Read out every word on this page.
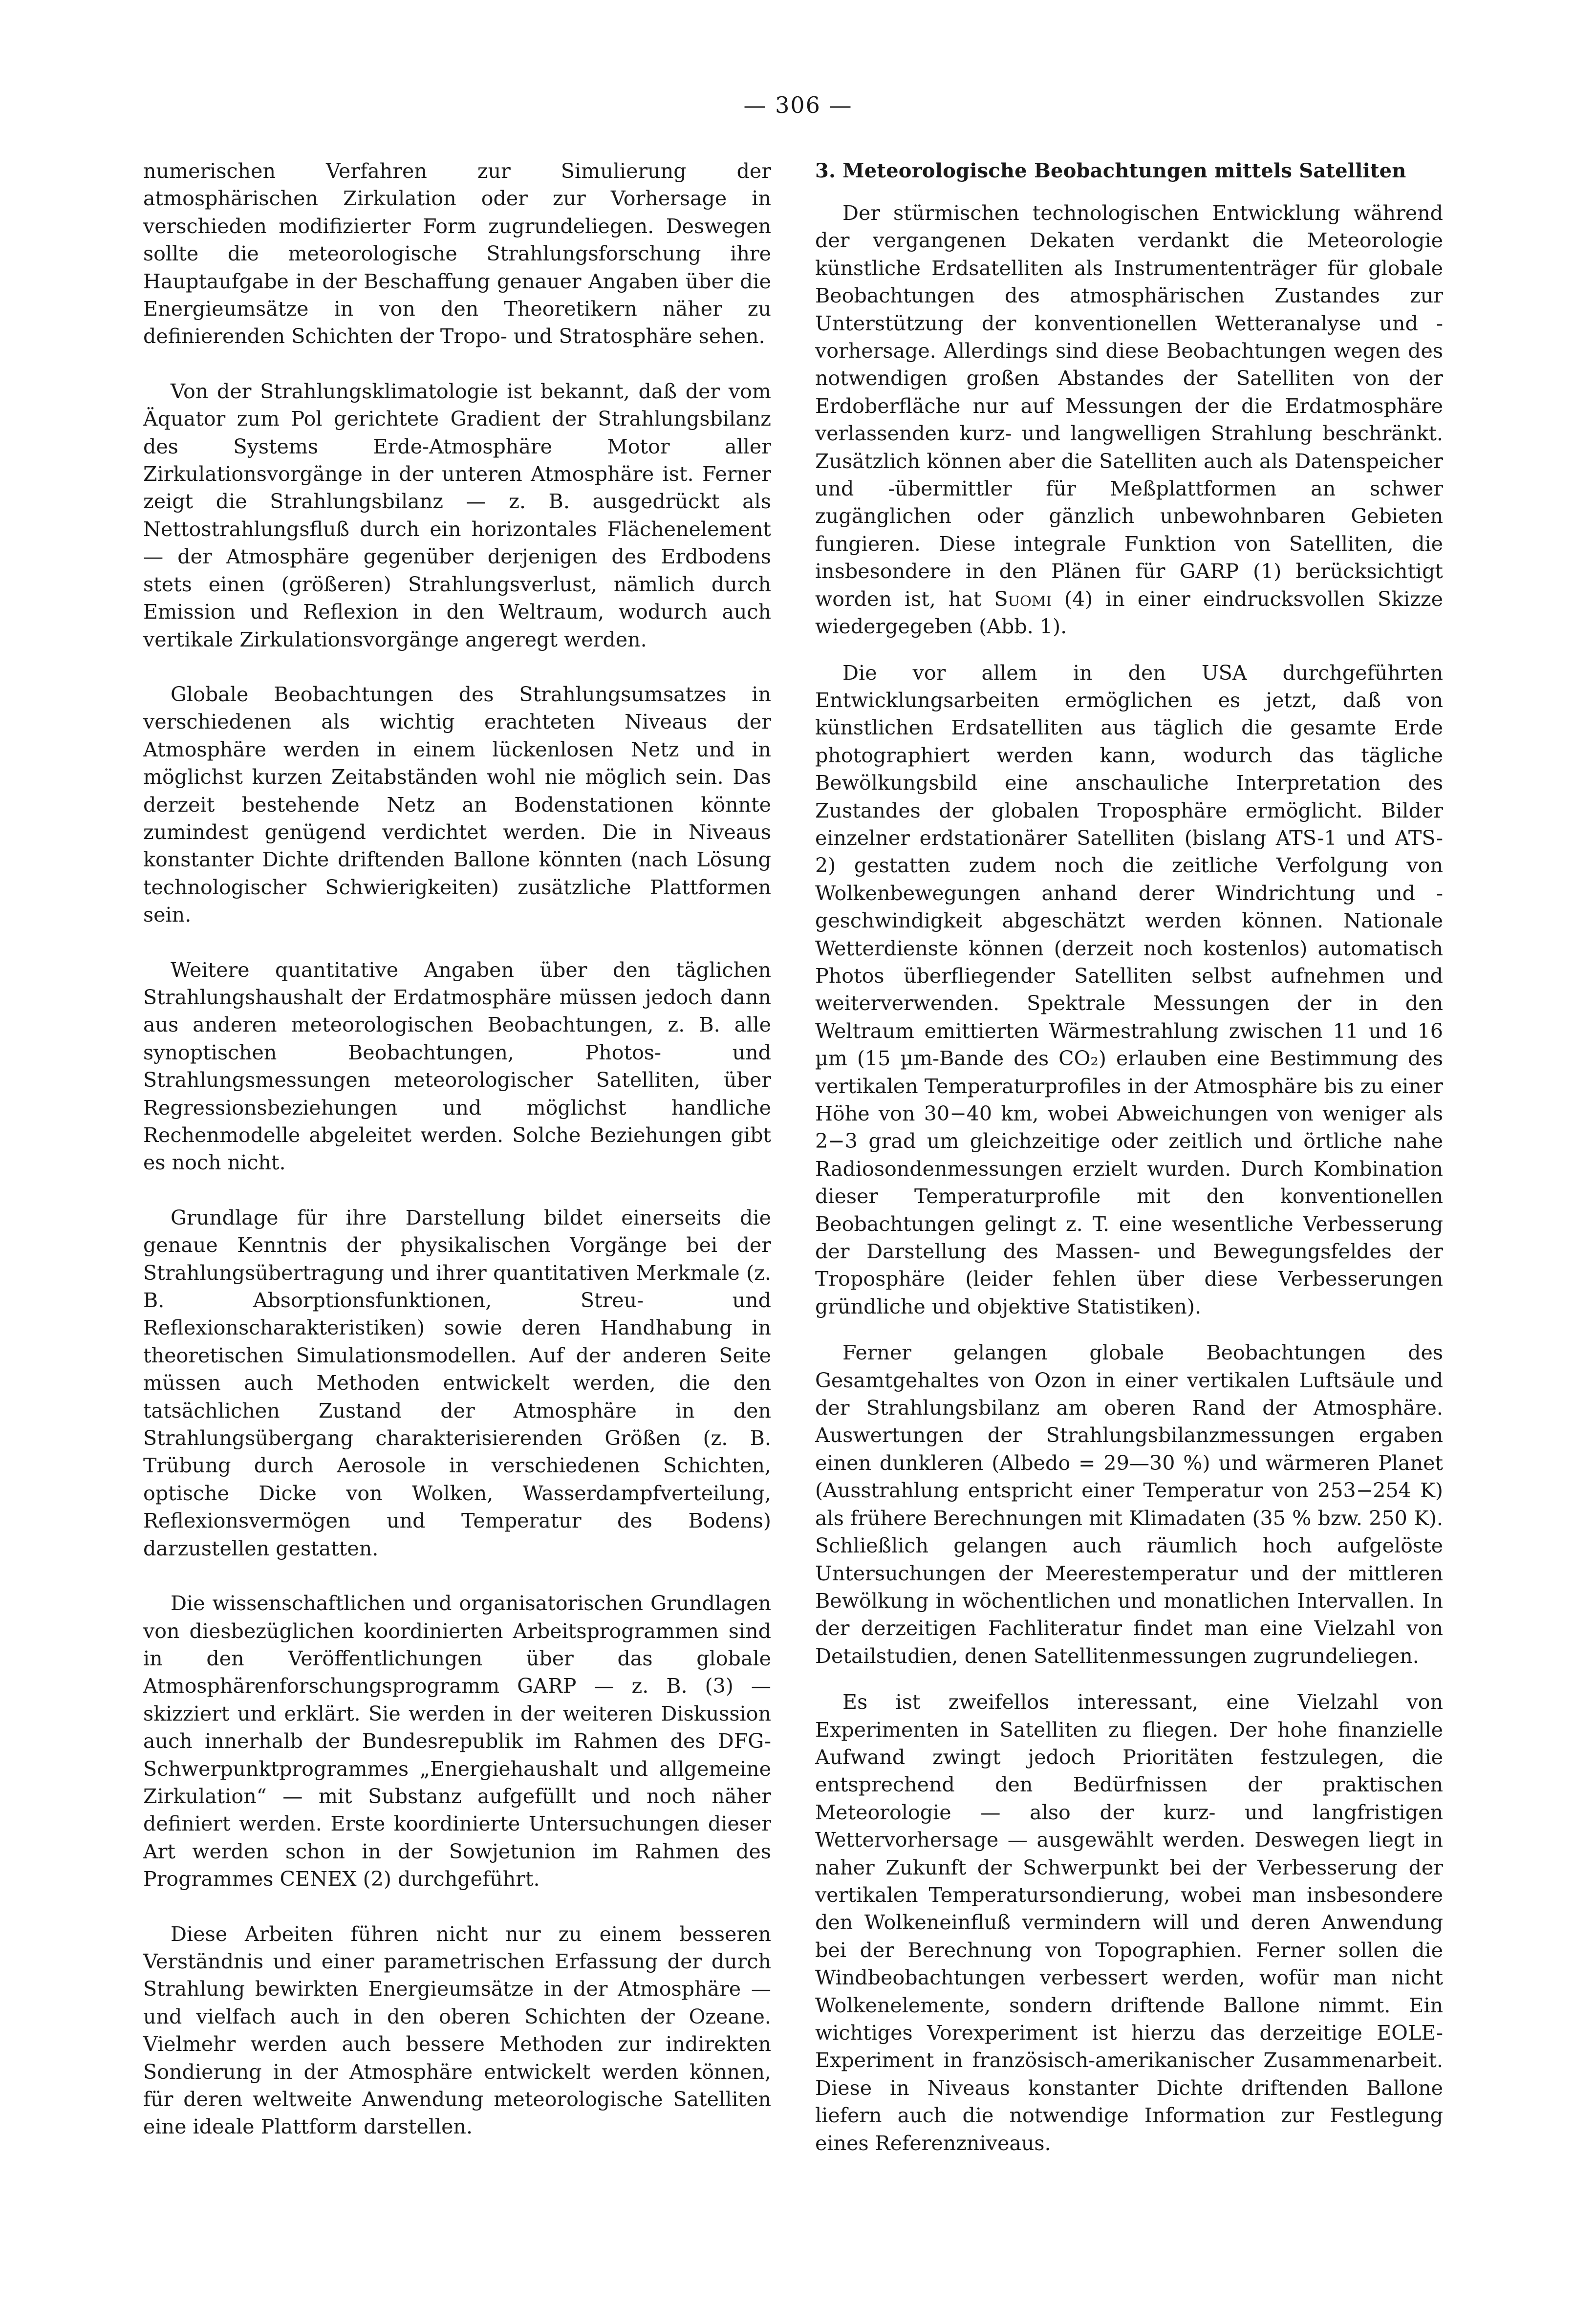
— 306 —

numerischen Verfahren zur Simulierung der atmosphärischen Zirkulation oder zur Vorhersage in verschieden modifizierter Form zugrundeliegen. Deswegen sollte die meteorologische Strahlungsforschung ihre Hauptaufgabe in der Beschaffung genauer Angaben über die Energieumsätze in von den Theoretikern näher zu definierenden Schichten der Tropo- und Stratosphäre sehen.

Von der Strahlungsklimatologie ist bekannt, daß der vom Äquator zum Pol gerichtete Gradient der Strahlungsbilanz des Systems Erde-Atmosphäre Motor aller Zirkulationsvorgänge in der unteren Atmosphäre ist. Ferner zeigt die Strahlungsbilanz — z. B. ausgedrückt als Nettostrahlungsfluß durch ein horizontales Flächenelement — der Atmosphäre gegenüber derjenigen des Erdbodens stets einen (größeren) Strahlungsverlust, nämlich durch Emission und Reflexion in den Weltraum, wodurch auch vertikale Zirkulationsvorgänge angeregt werden.

Globale Beobachtungen des Strahlungsumsatzes in verschiedenen als wichtig erachteten Niveaus der Atmosphäre werden in einem lückenlosen Netz und in möglichst kurzen Zeitabständen wohl nie möglich sein. Das derzeit bestehende Netz an Bodenstationen könnte zumindest genügend verdichtet werden. Die in Niveaus konstanter Dichte driftenden Ballone könnten (nach Lösung technologischer Schwierigkeiten) zusätzliche Plattformen sein.

Weitere quantitative Angaben über den täglichen Strahlungshaushalt der Erdatmosphäre müssen jedoch dann aus anderen meteorologischen Beobachtungen, z. B. alle synoptischen Beobachtungen, Photos- und Strahlungsmessungen meteorologischer Satelliten, über Regressionsbeziehungen und möglichst handliche Rechenmodelle abgeleitet werden. Solche Beziehungen gibt es noch nicht.

Grundlage für ihre Darstellung bildet einerseits die genaue Kenntnis der physikalischen Vorgänge bei der Strahlungsübertragung und ihrer quantitativen Merkmale (z. B. Absorptionsfunktionen, Streu- und Reflexionscharakteristiken) sowie deren Handhabung in theoretischen Simulationsmodellen. Auf der anderen Seite müssen auch Methoden entwickelt werden, die den tatsächlichen Zustand der Atmosphäre in den Strahlungsübergang charakterisierenden Größen (z. B. Trübung durch Aerosole in verschiedenen Schichten, optische Dicke von Wolken, Wasserdampfverteilung, Reflexionsvermögen und Temperatur des Bodens) darzustellen gestatten.

Die wissenschaftlichen und organisatorischen Grundlagen von diesbezüglichen koordinierten Arbeitsprogrammen sind in den Veröffentlichungen über das globale Atmosphärenforschungsprogramm GARP — z. B. (3) — skizziert und erklärt. Sie werden in der weiteren Diskussion auch innerhalb der Bundesrepublik im Rahmen des DFG-Schwerpunktprogrammes „Energiehaushalt und allgemeine Zirkulation“ — mit Substanz aufgefüllt und noch näher definiert werden. Erste koordinierte Untersuchungen dieser Art werden schon in der Sowjetunion im Rahmen des Programmes CENEX (2) durchgeführt.

Diese Arbeiten führen nicht nur zu einem besseren Verständnis und einer parametrischen Erfassung der durch Strahlung bewirkten Energieumsätze in der Atmosphäre — und vielfach auch in den oberen Schichten der Ozeane. Vielmehr werden auch bessere Methoden zur indirekten Sondierung in der Atmosphäre entwickelt werden können, für deren weltweite Anwendung meteorologische Satelliten eine ideale Plattform darstellen.

3. Meteorologische Beobachtungen mittels Satelliten

Der stürmischen technologischen Entwicklung während der vergangenen Dekaten verdankt die Meteorologie künstliche Erdsatelliten als Instrumententräger für globale Beobachtungen des atmosphärischen Zustandes zur Unterstützung der konventionellen Wetteranalyse und -vorhersage. Allerdings sind diese Beobachtungen wegen des notwendigen großen Abstandes der Satelliten von der Erdoberfläche nur auf Messungen der die Erdatmosphäre verlassenden kurz- und langwelligen Strahlung beschränkt. Zusätzlich können aber die Satelliten auch als Datenspeicher und -übermittler für Meßplattformen an schwer zugänglichen oder gänzlich unbewohnbaren Gebieten fungieren. Diese integrale Funktion von Satelliten, die insbesondere in den Plänen für GARP (1) berücksichtigt worden ist, hat Suomi (4) in einer eindrucksvollen Skizze wiedergegeben (Abb. 1).

Die vor allem in den USA durchgeführten Entwicklungsarbeiten ermöglichen es jetzt, daß von künstlichen Erdsatelliten aus täglich die gesamte Erde photographiert werden kann, wodurch das tägliche Bewölkungsbild eine anschauliche Interpretation des Zustandes der globalen Troposphäre ermöglicht. Bilder einzelner erdstationärer Satelliten (bislang ATS-1 und ATS-2) gestatten zudem noch die zeitliche Verfolgung von Wolkenbewegungen anhand derer Windrichtung und -geschwindigkeit abgeschätzt werden können. Nationale Wetterdienste können (derzeit noch kostenlos) automatisch Photos überfliegender Satelliten selbst aufnehmen und weiterverwenden. Spektrale Messungen der in den Weltraum emittierten Wärmestrahlung zwischen 11 und 16 µm (15 µm-Bande des CO₂) erlauben eine Bestimmung des vertikalen Temperaturprofiles in der Atmosphäre bis zu einer Höhe von 30−40 km, wobei Abweichungen von weniger als 2−3 grad um gleichzeitige oder zeitlich und örtliche nahe Radiosondenmessungen erzielt wurden. Durch Kombination dieser Temperaturprofile mit den konventionellen Beobachtungen gelingt z. T. eine wesentliche Verbesserung der Darstellung des Massen- und Bewegungsfeldes der Troposphäre (leider fehlen über diese Verbesserungen gründliche und objektive Statistiken).

Ferner gelangen globale Beobachtungen des Gesamtgehaltes von Ozon in einer vertikalen Luftsäule und der Strahlungsbilanz am oberen Rand der Atmosphäre. Auswertungen der Strahlungsbilanzmessungen ergaben einen dunkleren (Albedo = 29—30 %) und wärmeren Planet (Ausstrahlung entspricht einer Temperatur von 253−254 K) als frühere Berechnungen mit Klimadaten (35 % bzw. 250 K). Schließlich gelangen auch räumlich hoch aufgelöste Untersuchungen der Meerestemperatur und der mittleren Bewölkung in wöchentlichen und monatlichen Intervallen. In der derzeitigen Fachliteratur findet man eine Vielzahl von Detailstudien, denen Satellitenmessungen zugrundeliegen.

Es ist zweifellos interessant, eine Vielzahl von Experimenten in Satelliten zu fliegen. Der hohe finanzielle Aufwand zwingt jedoch Prioritäten festzulegen, die entsprechend den Bedürfnissen der praktischen Meteorologie — also der kurz- und langfristigen Wettervorhersage — ausgewählt werden. Deswegen liegt in naher Zukunft der Schwerpunkt bei der Verbesserung der vertikalen Temperatursondierung, wobei man insbesondere den Wolkeneinfluß vermindern will und deren Anwendung bei der Berechnung von Topographien. Ferner sollen die Windbeobachtungen verbessert werden, wofür man nicht Wolkenelemente, sondern driftende Ballone nimmt. Ein wichtiges Vorexperiment ist hierzu das derzeitige EOLE-Experiment in französisch-amerikanischer Zusammenarbeit. Diese in Niveaus konstanter Dichte driftenden Ballone liefern auch die notwendige Information zur Festlegung eines Referenzniveaus.
